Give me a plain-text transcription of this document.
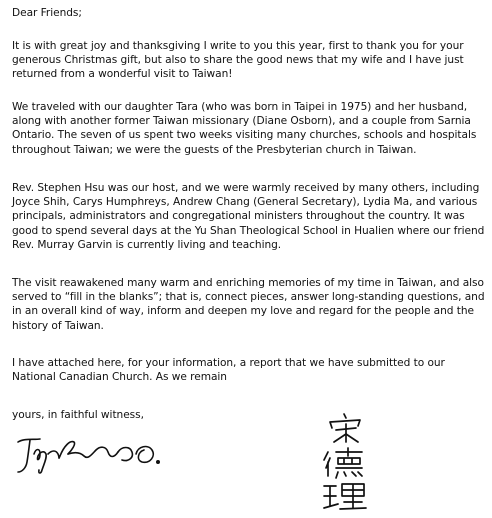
Dear Friends;
It is with great joy and thanksgiving I write to you this year, first to thank you for your
generous Christmas gift, but also to share the good news that my wife and I have just
returned from a wonderful visit to Taiwan!
We traveled with our daughter Tara (who was born in Taipei in 1975) and her husband,
along with another former Taiwan missionary (Diane Osborn), and a couple from Sarnia
Ontario. The seven of us spent two weeks visiting many churches, schools and hospitals
throughout Taiwan; we were the guests of the Presbyterian church in Taiwan.
Rev. Stephen Hsu was our host, and we were warmly received by many others, including
Joyce Shih, Carys Humphreys, Andrew Chang (General Secretary), Lydia Ma, and various
principals, administrators and congregational ministers throughout the country. It was
good to spend several days at the Yu Shan Theological School in Hualien where our friend
Rev. Murray Garvin is currently living and teaching.
The visit reawakened many warm and enriching memories of my time in Taiwan, and also
served to “fill in the blanks”; that is, connect pieces, answer long-standing questions, and
in an overall kind of way, inform and deepen my love and regard for the people and the
history of Taiwan.
I have attached here, for your information, a report that we have submitted to our
National Canadian Church. As we remain
yours, in faithful witness,
